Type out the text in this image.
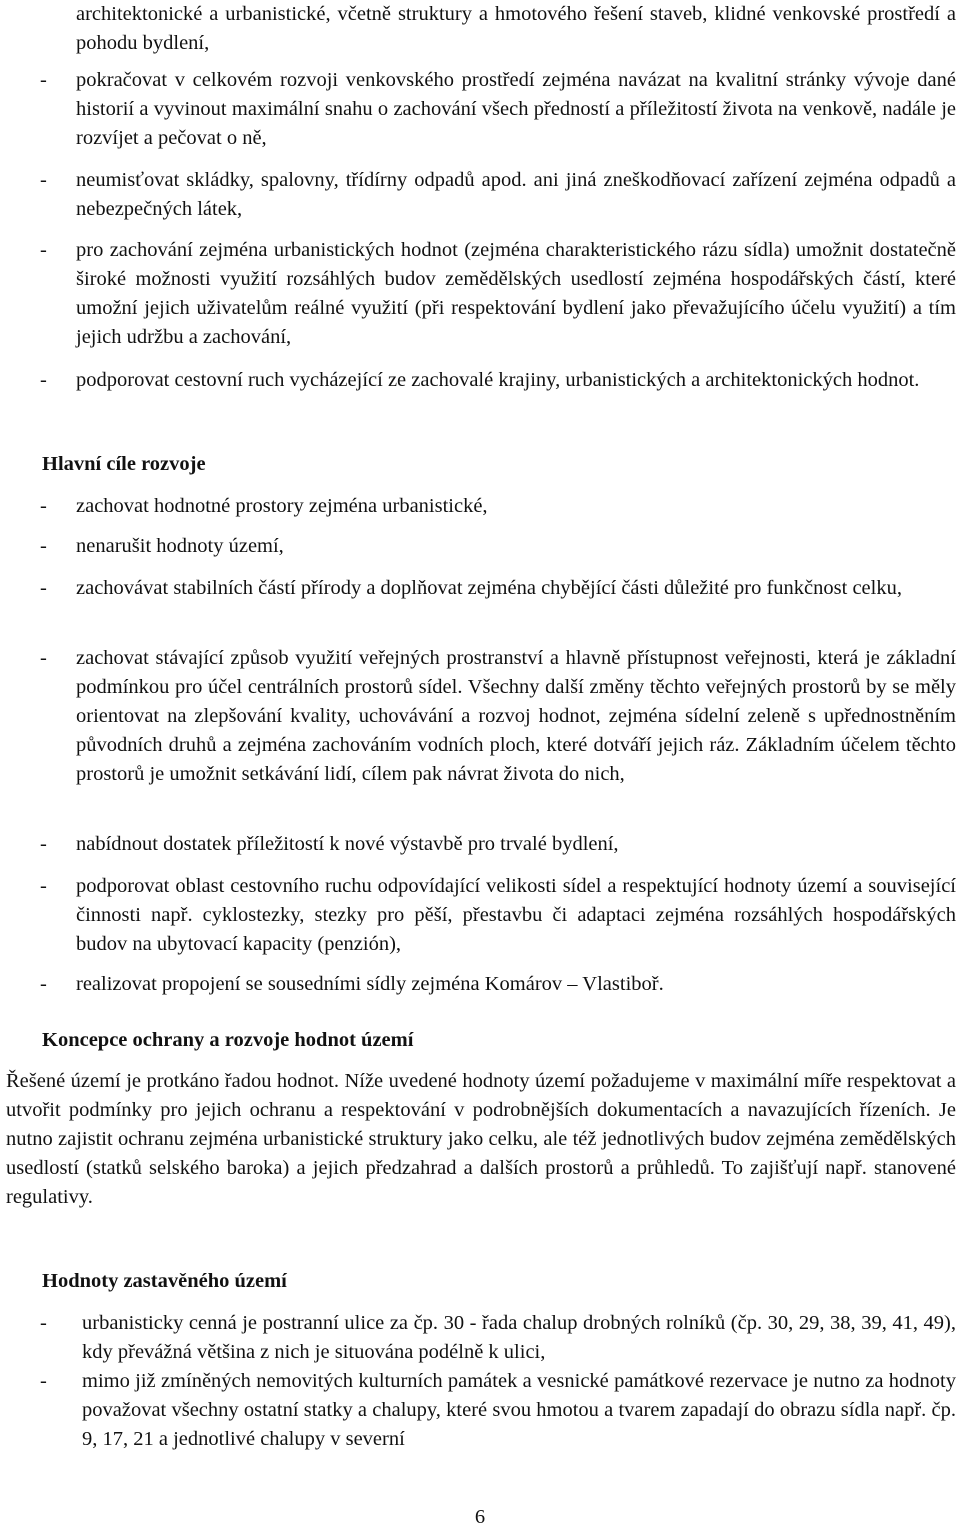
architektonické a urbanistické, včetně struktury a hmotového řešení staveb, klidné venkovské prostředí a pohodu bydlení,
- pokračovat v celkovém rozvoji venkovského prostředí zejména navázat na kvalitní stránky vývoje dané historií a vyvinout maximální snahu o zachování všech předností a příležitostí života na venkově, nadále je rozvíjet a pečovat o ně,
- neumisťovat skládky, spalovny, třídírny odpadů apod. ani jiná zneškodňovací zařízení zejména odpadů a nebezpečných látek,
- pro zachování zejména urbanistických hodnot (zejména charakteristického rázu sídla) umožnit dostatečně široké možnosti využití rozsáhlých budov zemědělských usedlostí zejména hospodářských částí, které umožní jejich uživatelům reálné využití (při respektování bydlení jako převažujícího účelu využití) a tím jejich udržbu a zachování,
- podporovat cestovní ruch vycházející ze zachovalé krajiny, urbanistických a architektonických hodnot.
Hlavní cíle rozvoje
- zachovat hodnotné prostory zejména urbanistické,
- nenarušit hodnoty území,
- zachovávat stabilních částí přírody a doplňovat zejména chybějící části důležité pro funkčnost celku,
- zachovat stávající způsob využití veřejných prostranství a hlavně přístupnost veřejnosti, která je základní podmínkou pro účel centrálních prostorů sídel. Všechny další změny těchto veřejných prostorů by se měly orientovat na zlepšování kvality, uchovávání a rozvoj hodnot, zejména sídelní zeleně s upřednostněním původních druhů a zejména zachováním vodních ploch, které dotváří jejich ráz. Základním účelem těchto prostorů je umožnit setkávání lidí, cílem pak návrat života do nich,
- nabídnout dostatek příležitostí k nové výstavbě pro trvalé bydlení,
- podporovat oblast cestovního ruchu odpovídající velikosti sídel a respektující hodnoty území a související činnosti např. cyklostezky, stezky pro pěší, přestavbu či adaptaci zejména rozsáhlých hospodářských budov na ubytovací kapacity (penzión),
- realizovat propojení se sousedními sídly zejména Komárov – Vlastiboř.
Koncepce ochrany a rozvoje hodnot území
Řešené území je protkáno řadou hodnot. Níže uvedené hodnoty území požadujeme v maximální míře respektovat a utvořit podmínky pro jejich ochranu a respektování v podrobnějších dokumentacích a navazujících řízeních. Je nutno zajistit ochranu zejména urbanistické struktury jako celku, ale též jednotlivých budov zejména zemědělských usedlostí (statků selského baroka) a jejich předzahrad a dalších prostorů a průhledů. To zajišťují např. stanovené regulativy.
Hodnoty zastavěného území
- urbanisticky cenná je postranní ulice za čp. 30 - řada chalup drobných rolníků (čp. 30, 29, 38, 39, 41, 49), kdy převážná většina z nich je situována podélně k ulici,
- mimo již zmíněných nemovitých kulturních památek a vesnické památkové rezervace je nutno za hodnoty považovat všechny ostatní statky a chalupy, které svou hmotou a tvarem zapadají do obrazu sídla např. čp. 9, 17, 21 a jednotlivé chalupy v severní
6
